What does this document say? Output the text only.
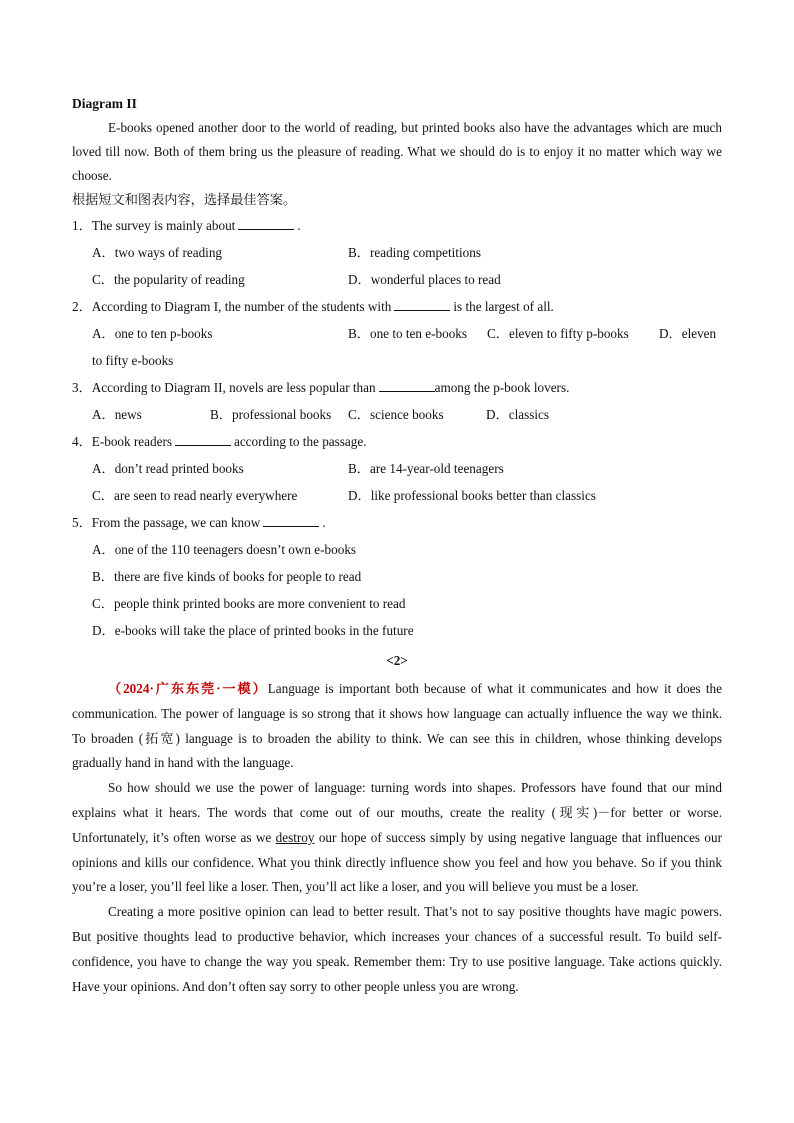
Diagram II

E-books opened another door to the world of reading, but printed books also have the advantages which are much loved till now. Both of them bring us the pleasure of reading. What we should do is to enjoy it no matter which way we choose.

根据短文和图表内容，选择最佳答案。

1．The survey is mainly about	.
A．two ways of reading	B．reading competitions
C．the popularity of reading	D．wonderful places to read
2．According to Diagram I, the number of the students with	is the largest of all.
A．one to ten p-books	B．one to ten e-books	C．eleven to fifty p-books	D．eleven
to fifty e-books
3．According to Diagram II, novels are less popular than	among the p-book lovers.
A．news	B．professional books	C．science books	D．classics
4．E-book readers	according to the passage.
A．don’t read printed books	B．are 14-year-old teenagers
C．are seen to read nearly everywhere	D．like professional books better than classics
5．From the passage, we can know	.
A．one of the 110 teenagers doesn’t own e-books
B．there are five kinds of books for people to read
C．people think printed books are more convenient to read
D．e-books will take the place of printed books in the future
<2>

（2024·广东东莞·一模）Language is important both because of what it communicates and how it does the communication. The power of language is so strong that it shows how language can actually influence the way we think. To broaden (拓宽) language is to broaden the ability to think. We can see this in children, whose thinking develops gradually hand in hand with the language.

So how should we use the power of language: turning words into shapes. Professors have found that our mind explains what it hears. The words that come out of our mouths, create the reality (现实)－for better or worse. Unfortunately, it’s often worse as we destroy our hope of success simply by using negative language that influences our opinions and kills our confidence. What you think directly influence show you feel and how you behave. So if you think you’re a loser, you’ll feel like a loser. Then, you’ll act like a loser, and you will believe you must be a loser.

Creating a more positive opinion can lead to better result. That’s not to say positive thoughts have magic powers. But positive thoughts lead to productive behavior, which increases your chances of a successful result. To build self-confidence, you have to change the way you speak. Remember them: Try to use positive language. Take actions quickly. Have your opinions. And don’t often say sorry to other people unless you are wrong.
